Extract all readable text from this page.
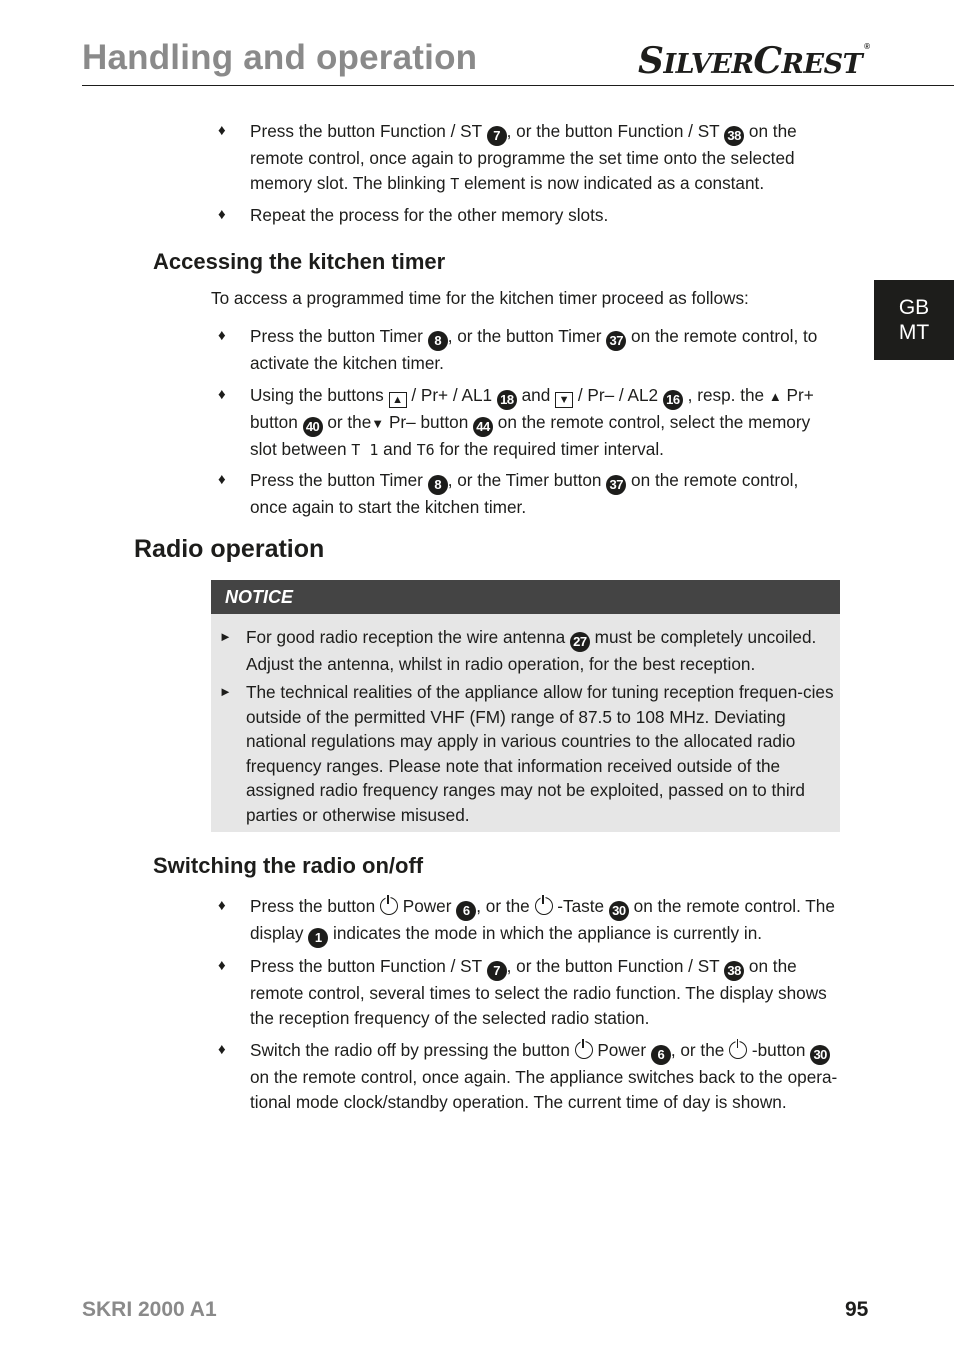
Handling and operation	SILVERCREST®
GB
MT
♦	Press the button Function / ST 7 , or the button Function / ST 38 on the remote control, once again to programme the set time onto the selected memory slot. The blinking T element is now indicated as a constant.
♦	Repeat the process for the other memory slots.
Accessing the kitchen timer
To access a programmed time for the kitchen timer proceed as follows:
♦	Press the button Timer 8 , or the button Timer 37 on the remote control, to activate the kitchen timer.
♦	Using the buttons ▲ / Pr+ / AL1 18 and ▼ / Pr– / AL2 16 , resp. the ▲ Pr+ button 40 or the▼ Pr– button 44 on the remote control, select the memory slot between T 1 and T6 for the required timer interval.
♦	Press the button Timer 8 , or the Timer button 37 on the remote control, once again to start the kitchen timer.
Radio operation
NOTICE
► For good radio reception the wire antenna 27 must be completely uncoiled. Adjust the antenna, whilst in radio operation, for the best reception.
► The technical realities of the appliance allow for tuning reception frequen-cies outside of the permitted VHF (FM) range of 87.5 to 108 MHz. Deviating national regulations may apply in various countries to the allocated radio frequency ranges. Please note that information received outside of the assigned radio frequency ranges may not be exploited, passed on to third parties or otherwise misused.
Switching the radio on/off
♦	Press the button  Power 6 , or the  -Taste 30 on the remote control. The display 1 indicates the mode in which the appliance is currently in.
♦	Press the button Function / ST 7 , or the button Function / ST 38 on the remote control, several times to select the radio function. The display shows the reception frequency of the selected radio station.
♦	Switch the radio off by pressing the button  Power 6 , or the  -button 30 on the remote control, once again. The appliance switches back to the opera-tional mode clock/standby operation. The current time of day is shown.
SKRI 2000 A1	95
